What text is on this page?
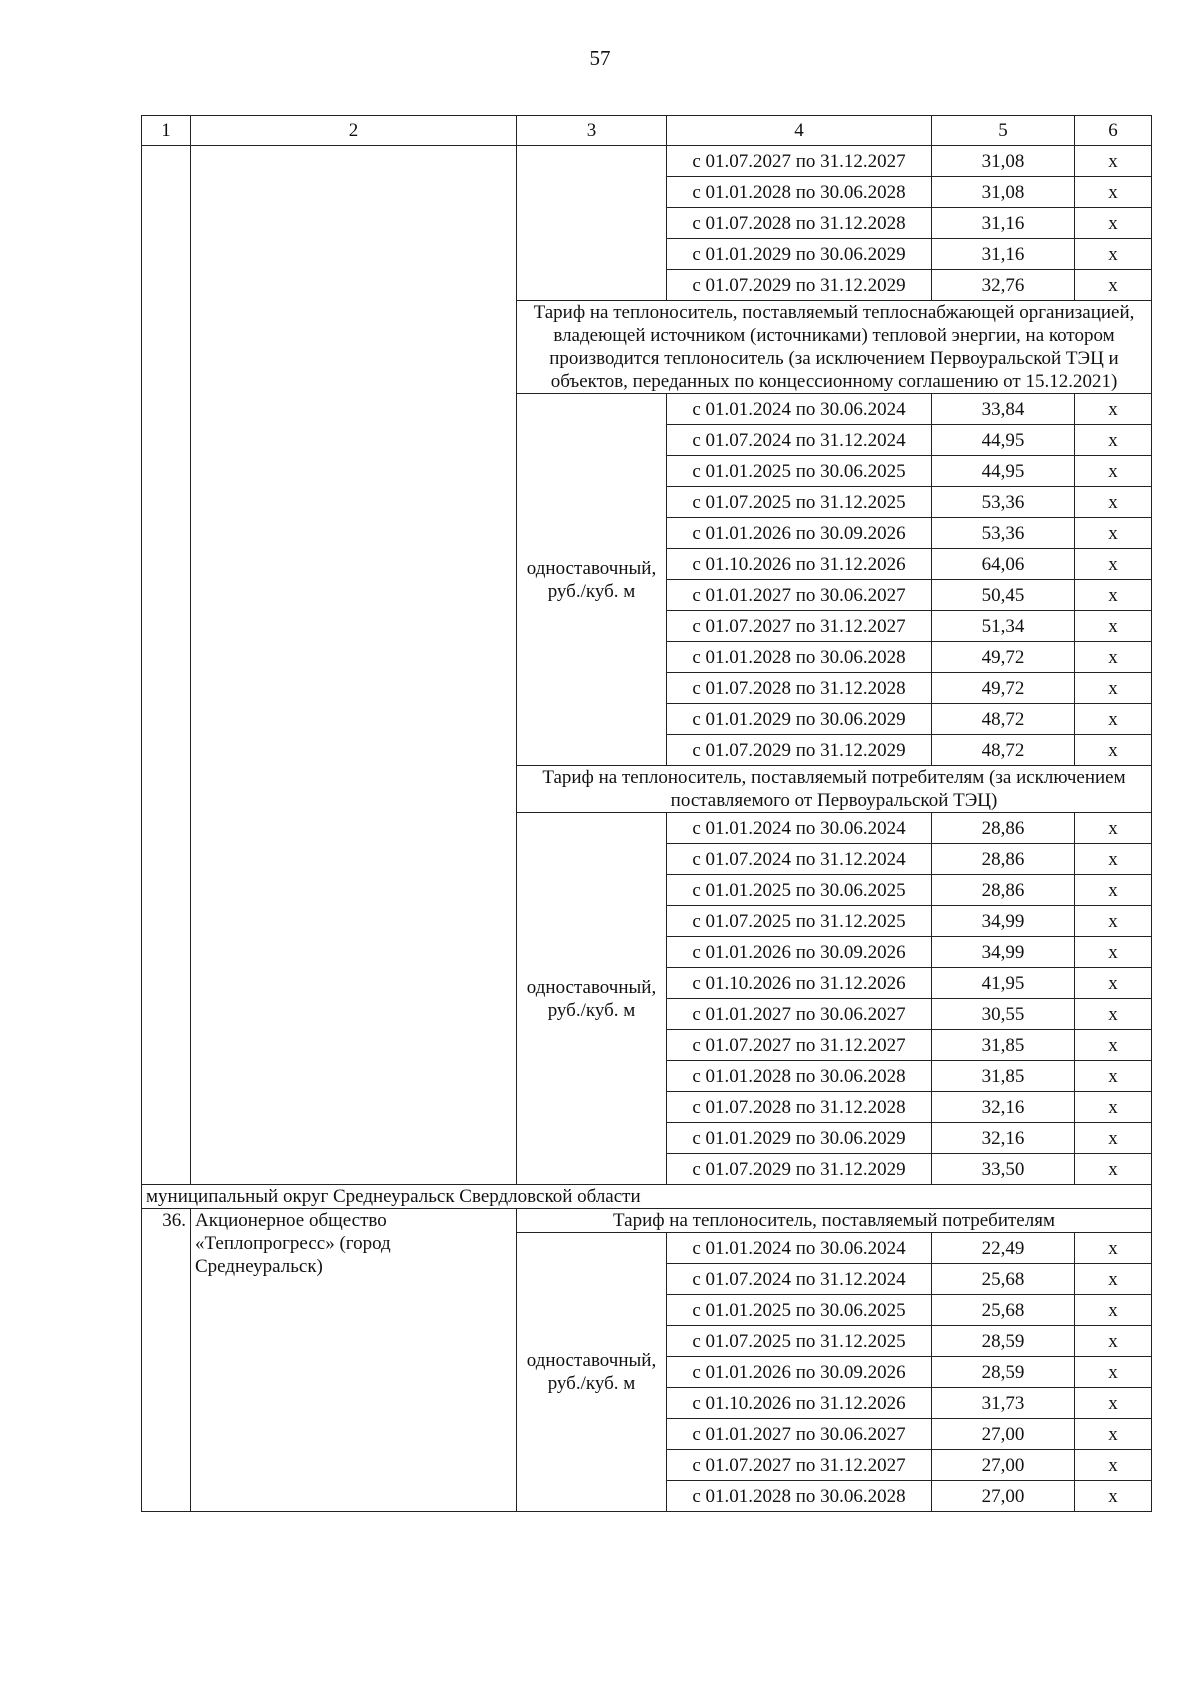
57
1	2	3	4	5	6
			с 01.07.2027 по 31.12.2027	31,08	х
			с 01.01.2028 по 30.06.2028	31,08	х
			с 01.07.2028 по 31.12.2028	31,16	х
			с 01.01.2029 по 30.06.2029	31,16	х
			с 01.07.2029 по 31.12.2029	32,76	х
		Тариф на теплоноситель, поставляемый теплоснабжающей организацией, владеющей источником (источниками) тепловой энергии, на котором производится теплоноситель (за исключением Первоуральской ТЭЦ и объектов, переданных по концессионному соглашению от 15.12.2021)			
		одноставочный, руб./куб. м	с 01.01.2024 по 30.06.2024	33,84	х
			с 01.07.2024 по 31.12.2024	44,95	х
			с 01.01.2025 по 30.06.2025	44,95	х
			с 01.07.2025 по 31.12.2025	53,36	х
			с 01.01.2026 по 30.09.2026	53,36	х
			с 01.10.2026 по 31.12.2026	64,06	х
			с 01.01.2027 по 30.06.2027	50,45	х
			с 01.07.2027 по 31.12.2027	51,34	х
			с 01.01.2028 по 30.06.2028	49,72	х
			с 01.07.2028 по 31.12.2028	49,72	х
			с 01.01.2029 по 30.06.2029	48,72	х
			с 01.07.2029 по 31.12.2029	48,72	х
		Тариф на теплоноситель, поставляемый потребителям (за исключением поставляемого от Первоуральской ТЭЦ)			
		одноставочный, руб./куб. м	с 01.01.2024 по 30.06.2024	28,86	х
			с 01.07.2024 по 31.12.2024	28,86	х
			с 01.01.2025 по 30.06.2025	28,86	х
			с 01.07.2025 по 31.12.2025	34,99	х
			с 01.01.2026 по 30.09.2026	34,99	х
			с 01.10.2026 по 31.12.2026	41,95	х
			с 01.01.2027 по 30.06.2027	30,55	х
			с 01.07.2027 по 31.12.2027	31,85	х
			с 01.01.2028 по 30.06.2028	31,85	х
			с 01.07.2028 по 31.12.2028	32,16	х
			с 01.01.2029 по 30.06.2029	32,16	х
			с 01.07.2029 по 31.12.2029	33,50	х
муниципальный округ Среднеуральск Свердловской области					
36.	Акционерное общество «Теплопрогресс» (город Среднеуральск)	Тариф на теплоноситель, поставляемый потребителям			
		одноставочный, руб./куб. м	с 01.01.2024 по 30.06.2024	22,49	х
			с 01.07.2024 по 31.12.2024	25,68	х
			с 01.01.2025 по 30.06.2025	25,68	х
			с 01.07.2025 по 31.12.2025	28,59	х
			с 01.01.2026 по 30.09.2026	28,59	х
			с 01.10.2026 по 31.12.2026	31,73	х
			с 01.01.2027 по 30.06.2027	27,00	х
			с 01.07.2027 по 31.12.2027	27,00	х
			с 01.01.2028 по 30.06.2028	27,00	х
